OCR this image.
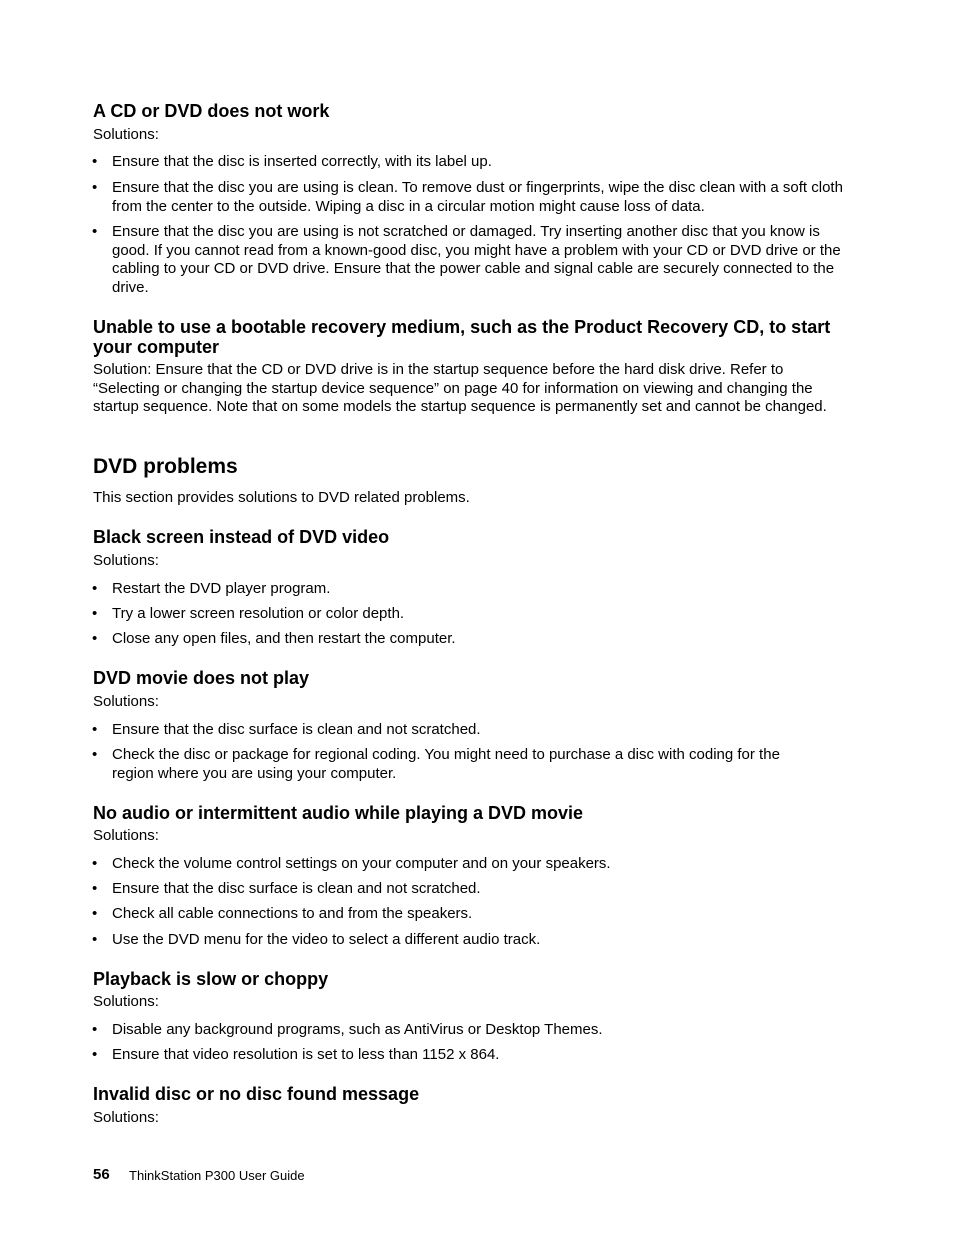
A CD or DVD does not work
Solutions:
• Ensure that the disc is inserted correctly, with its label up.
• Ensure that the disc you are using is clean. To remove dust or fingerprints, wipe the disc clean with a soft cloth from the center to the outside. Wiping a disc in a circular motion might cause loss of data.
• Ensure that the disc you are using is not scratched or damaged. Try inserting another disc that you know is good. If you cannot read from a known-good disc, you might have a problem with your CD or DVD drive or the cabling to your CD or DVD drive. Ensure that the power cable and signal cable are securely connected to the drive.
Unable to use a bootable recovery medium, such as the Product Recovery CD, to start your computer
Solution: Ensure that the CD or DVD drive is in the startup sequence before the hard disk drive. Refer to “Selecting or changing the startup device sequence” on page 40 for information on viewing and changing the startup sequence. Note that on some models the startup sequence is permanently set and cannot be changed.
DVD problems
This section provides solutions to DVD related problems.
Black screen instead of DVD video
Solutions:
• Restart the DVD player program.
• Try a lower screen resolution or color depth.
• Close any open files, and then restart the computer.
DVD movie does not play
Solutions:
• Ensure that the disc surface is clean and not scratched.
• Check the disc or package for regional coding. You might need to purchase a disc with coding for the region where you are using your computer.
No audio or intermittent audio while playing a DVD movie
Solutions:
• Check the volume control settings on your computer and on your speakers.
• Ensure that the disc surface is clean and not scratched.
• Check all cable connections to and from the speakers.
• Use the DVD menu for the video to select a different audio track.
Playback is slow or choppy
Solutions:
• Disable any background programs, such as AntiVirus or Desktop Themes.
• Ensure that video resolution is set to less than 1152 x 864.
Invalid disc or no disc found message
Solutions:
56 ThinkStation P300 User Guide
